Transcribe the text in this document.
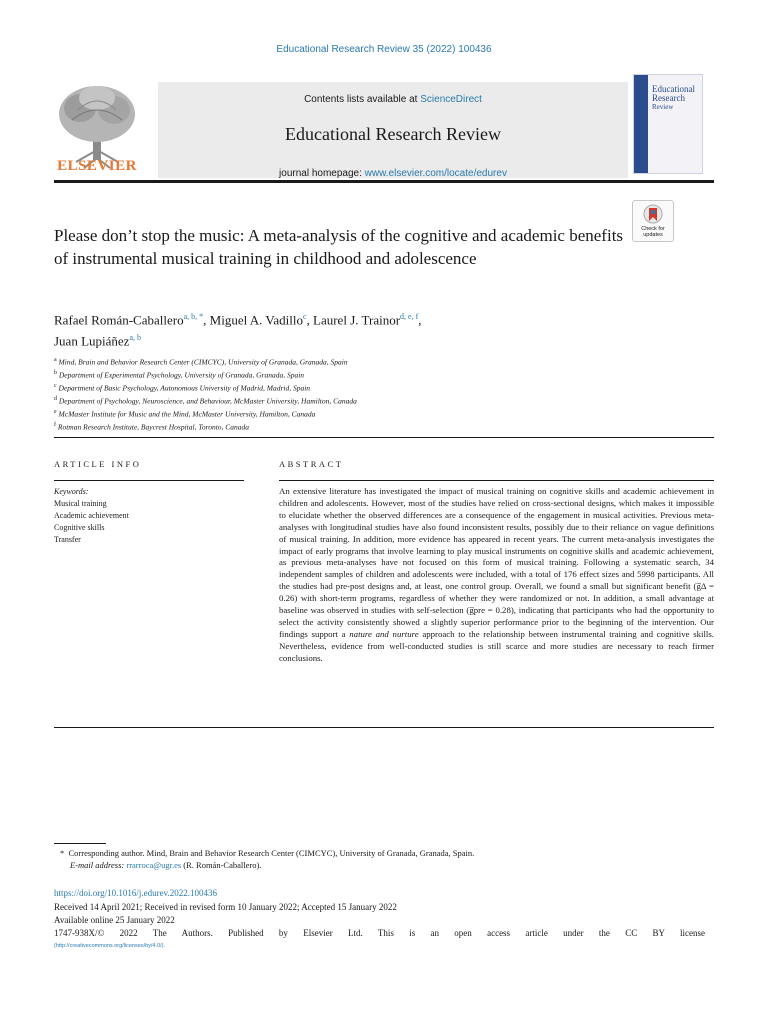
Educational Research Review 35 (2022) 100436
ELSEVIER
Contents lists available at ScienceDirect
Educational Research Review
journal homepage: www.elsevier.com/locate/edurev
Educational
Research
Review
Check for
updates
Please don’t stop the music: A meta-analysis of the cognitive and academic benefits of instrumental musical training in childhood and adolescence
Rafael Román-Caballero$^{a, b, *}$, Miguel A. Vadillo$^c$, Laurel J. Trainor$^{d, e, f}$,
Juan Lupiáñez$^{a, b}$
$^a$ Mind, Brain and Behavior Research Center (CIMCYC), University of Granada, Granada, Spain
$^b$ Department of Experimental Psychology, University of Granada, Granada, Spain
$^c$ Department of Basic Psychology, Autonomous University of Madrid, Madrid, Spain
$^d$ Department of Psychology, Neuroscience, and Behaviour, McMaster University, Hamilton, Canada
$^e$ McMaster Institute for Music and the Mind, McMaster University, Hamilton, Canada
$^f$ Rotman Research Institute, Baycrest Hospital, Toronto, Canada
ARTICLE INFO	ABSTRACT
Keywords:
Musical training
Academic achievement
Cognitive skills
Transfer
An extensive literature has investigated the impact of musical training on cognitive skills and academic achievement in children and adolescents. However, most of the studies have relied on cross-sectional designs, which makes it impossible to elucidate whether the observed differences are a consequence of the engagement in musical activities. Previous meta-analyses with longitudinal studies have also found inconsistent results, possibly due to their reliance on vague definitions of musical training. In addition, more evidence has appeared in recent years. The current meta-analysis investigates the impact of early programs that involve learning to play musical instruments on cognitive skills and academic achievement, as previous meta-analyses have not focused on this form of musical training. Following a systematic search, 34 independent samples of children and adolescents were included, with a total of 176 effect sizes and 5998 participants. All the studies had pre-post designs and, at least, one control group. Overall, we found a small but significant benefit (g̅Δ = 0.26) with short-term programs, regardless of whether they were randomized or not. In addition, a small advantage at baseline was observed in studies with self-selection (g̅pre = 0.28), indicating that participants who had the opportunity to select the activity consistently showed a slightly superior performance prior to the beginning of the intervention. Our findings support a nature and nurture approach to the relationship between instrumental training and cognitive skills. Nevertheless, evidence from well-conducted studies is still scarce and more studies are necessary to reach firmer conclusions.
* Corresponding author. Mind, Brain and Behavior Research Center (CIMCYC), University of Granada, Granada, Spain.
E-mail address: rrarroca@ugr.es (R. Román-Caballero).
https://doi.org/10.1016/j.edurev.2022.100436
Received 14 April 2021; Received in revised form 10 January 2022; Accepted 15 January 2022
Available online 25 January 2022
1747-938X/© 2022 The Authors. Published by Elsevier Ltd. This is an open access article under the CC BY license
(http://creativecommons.org/licenses/by/4.0/).
